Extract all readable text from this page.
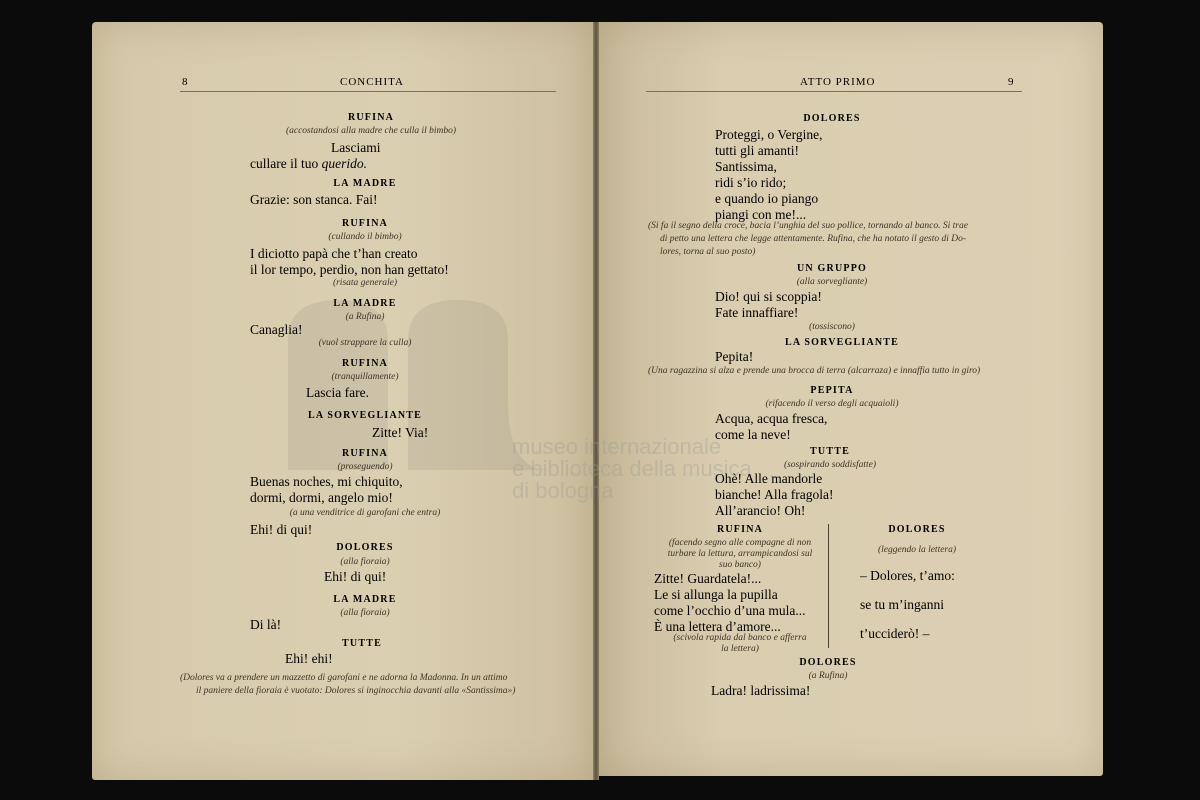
museo internazionale
e biblioteca della musica
di bologna
8	CONCHITA
RUFINA
(accostandosi alla madre che culla il bimbo)
Lasciami
cullare il tuo querido.
LA MADRE
Grazie: son stanca. Fai!
RUFINA
(cullando il bimbo)
I diciotto papà che t’han creato
il lor tempo, perdio, non han gettato!
(risata generale)
LA MADRE
(a Rufina)
Canaglia!
(vuol strappare la culla)
RUFINA
(tranquillamente)
Lascia fare.
LA SORVEGLIANTE
Zitte! Via!
RUFINA
(proseguendo)
Buenas noches, mi chiquito,
dormi, dormi, angelo mio!
(a una venditrice di garofani che entra)
Ehi! di qui!
DOLORES
(alla fioraia)
Ehi! di qui!
LA MADRE
(alla fioraia)
Di là!
TUTTE
Ehi! ehi!
(Dolores va a prendere un mazzetto di garofani e ne adorna la Madonna. In un attimo
il paniere della fioraia è vuotato: Dolores si inginocchia davanti alla «Santissima»)
ATTO PRIMO	9
DOLORES
Proteggi, o Vergine,
tutti gli amanti!
Santissima,
ridi s’io rido;
e quando io piango
piangi con me!...
(Si fa il segno della croce, bacia l’unghia del suo pollice, tornando al banco. Si trae
di petto una lettera che legge attentamente. Rufina, che ha notato il gesto di Do-
lores, torna al suo posto)
UN GRUPPO
(alla sorvegliante)
Dio! qui si scoppia!
Fate innaffiare!
(tossiscono)
LA SORVEGLIANTE
Pepita!
(Una ragazzina si alza e prende una brocca di terra (alcarraza) e innaffia tutto in giro)
PEPITA
(rifacendo il verso degli acquaioli)
Acqua, acqua fresca,
come la neve!
TUTTE
(sospirando soddisfatte)
Ohè! Alle mandorle
bianche! Alla fragola!
All’arancio! Oh!
RUFINA
(facendo segno alle compagne di non
turbare la lettura, arrampicandosi sul
suo banco)
Zitte! Guardatela!...
Le si allunga la pupilla
come l’occhio d’una mula...
È una lettera d’amore...
(scivola rapida dal banco e afferra
la lettera)
DOLORES
(leggendo la lettera)
– Dolores, t’amo:
se tu m’inganni
t’ucciderò! –
DOLORES
(a Rufina)
Ladra! ladrissima!
